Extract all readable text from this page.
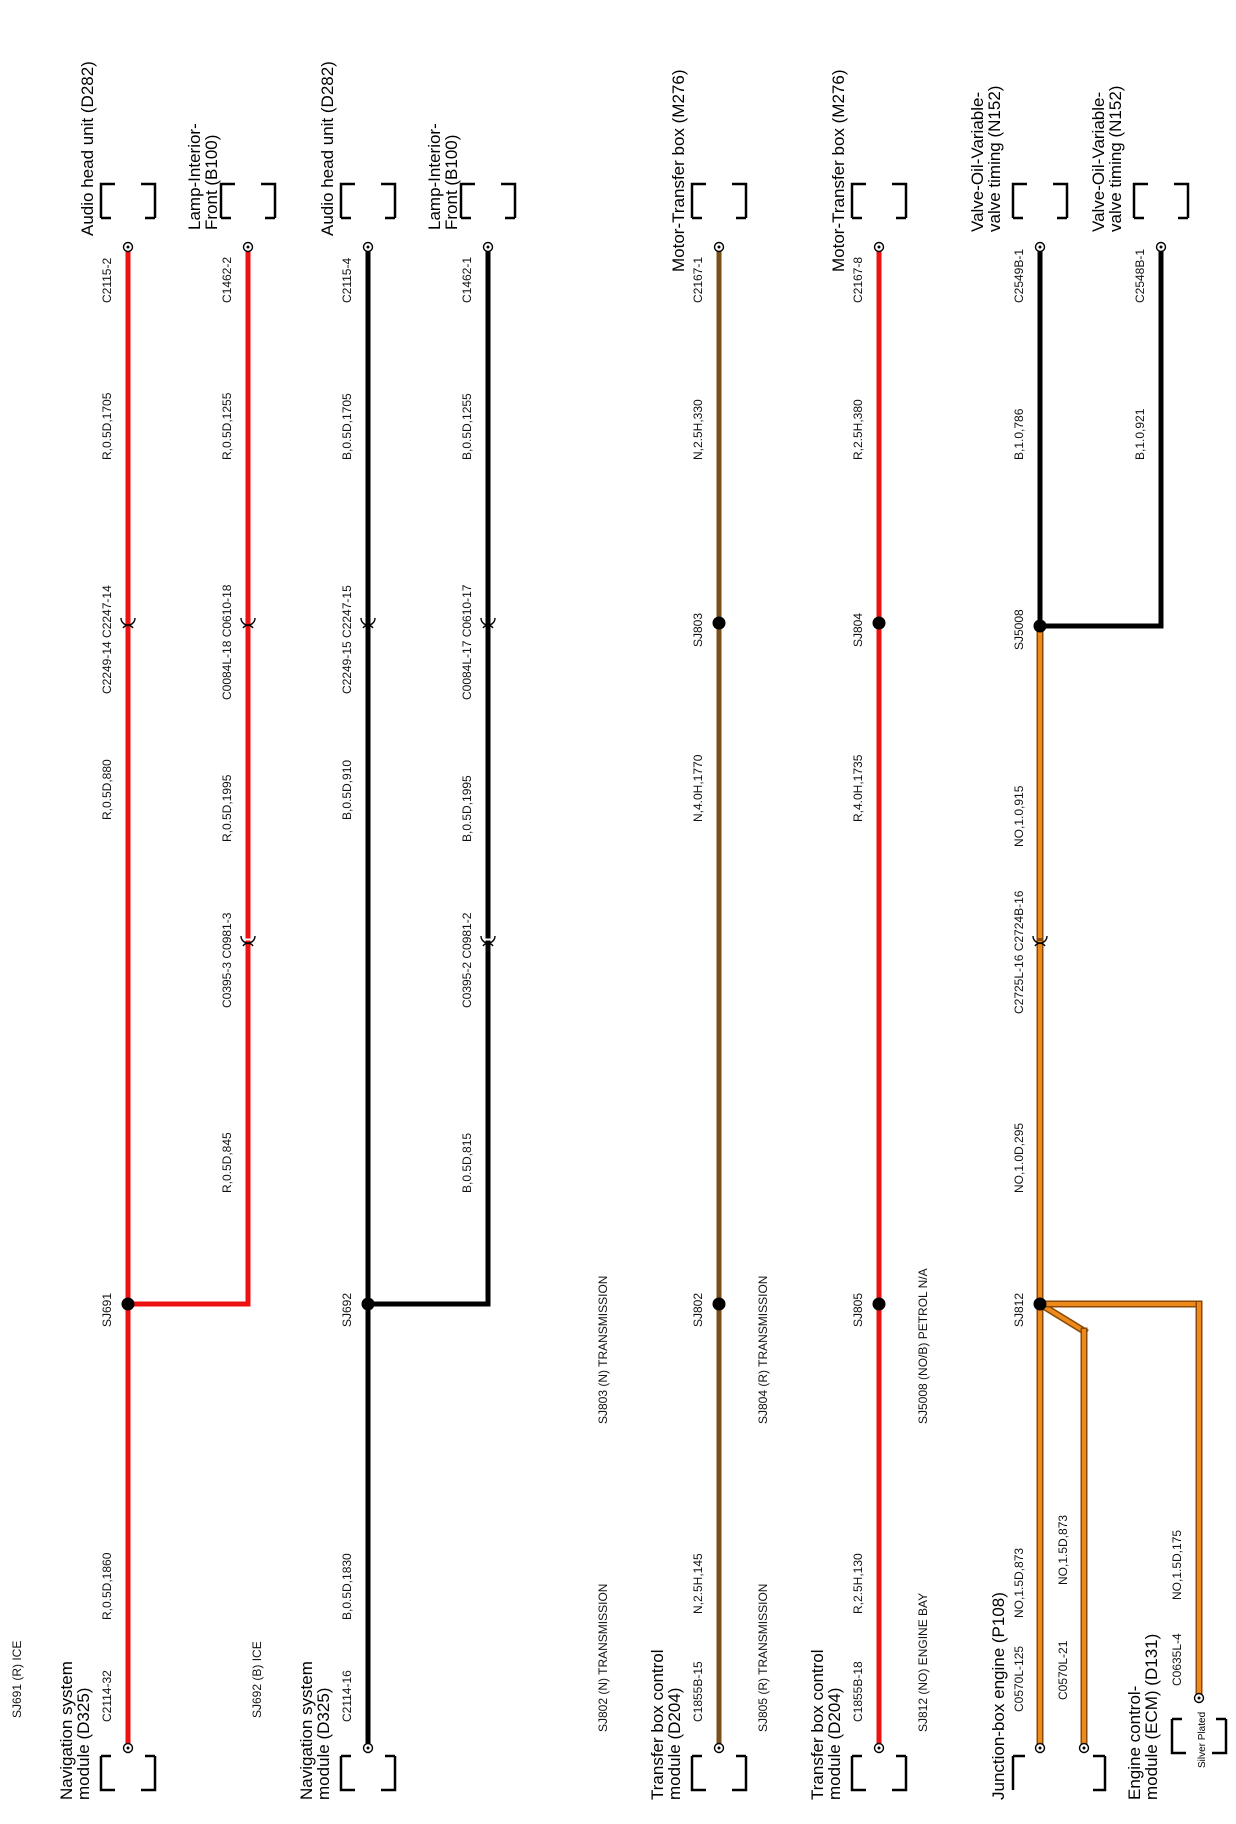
Navigation system
module (D325) C2114-32
Audio head unit (D282)
C2115-2
Lamp-Interior-
Front (B100)
C1462-2
R,0.5D,1860
R,0.5D,880
R,0.5D,1705
R,0.5D,845
R,0.5D,1995
R,0.5D,1255
C2249-14 C2247-14
C0395-3 C0981-3
C0084L-18 C0610-18
SJ691
Navigation system
module (D325) C2114-16
Audio head unit (D282)
C2115-4
Lamp-Interior-
Front (B100)
C1462-1
B,0.5D,1830
B,0.5D,910
B,0.5D,1705
B,0.5D,815
B,0.5D,1995
B,0.5D,1255
C2249-15 C2247-15
C0395-2 C0981-2
C0084L-17 C0610-17
SJ692
Transfer box control
module (D204) C1855B-15
Motor-Transfer box (M276)
C2167-1
N,2.5H,145
N,4.0H,1770
N,2.5H,330
SJ802
SJ803
Transfer box control
module (D204) C1855B-18
Motor-Transfer box (M276)
C2167-8
R,2.5H,130
R,4.0H,1735
R,2.5H,380
SJ805
SJ804
Junction-box engine (P108) C0570L-125	C0570L-21
Engine control-
module (ECM) (D131) C0635L-4
Silver Plated
Valve-Oil-Variable-
valve timing (N152)
C2549B-1
Valve-Oil-Variable-
valve timing (N152)
C2548B-1
NO,1.5D,873	NO,1.5D,873	NO,1.5D,175
NO,1.0D,295
NO,1.0,915
B,1.0,786	B,1.0,921
C2725L-16 C2724B-16
SJ812
SJ5008
SJ691 (R) ICE	SJ692 (B) ICE	SJ802 (N) TRANSMISSION
SJ803 (N) TRANSMISSION
SJ805 (R) TRANSMISSION
SJ804 (R) TRANSMISSION
SJ812 (NO) ENGINE BAY
SJ5008 (NO/B) PETROL N/A
